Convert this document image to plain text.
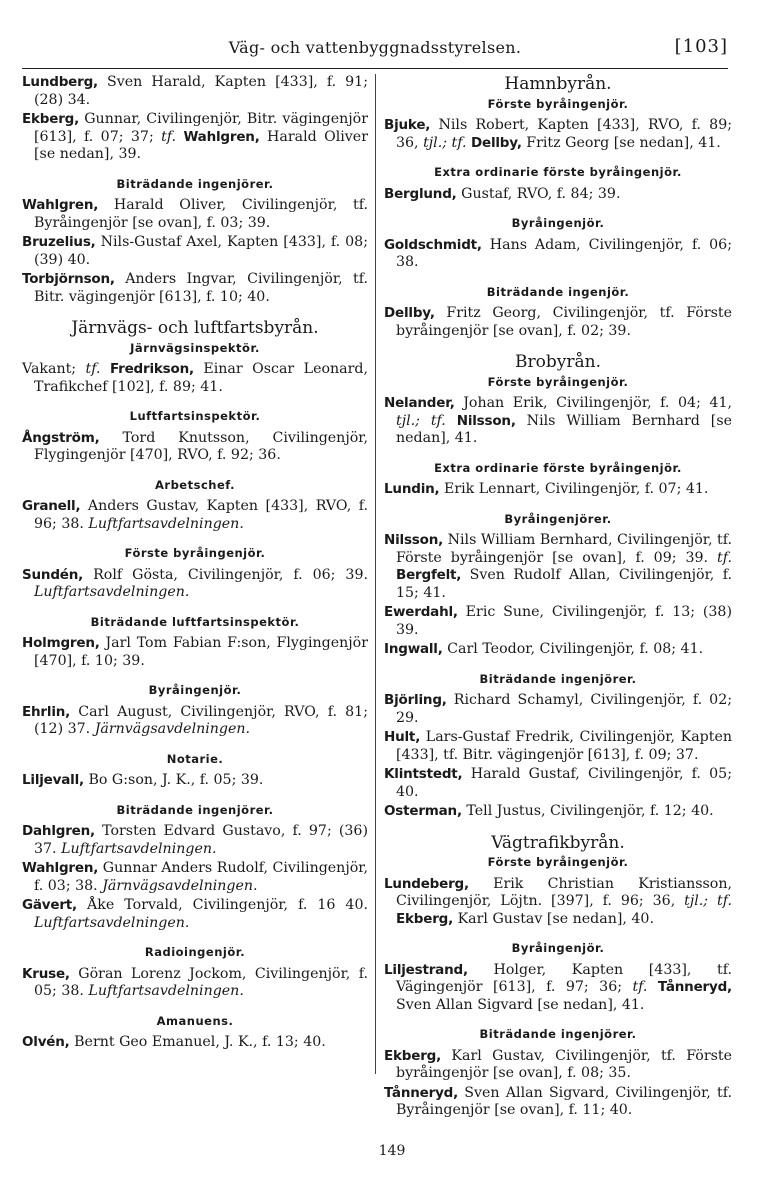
Väg- och vattenbyggnadsstyrelsen.	[103]

Lundberg, Sven Harald, Kapten [433], f. 91; (28) 34.

Ekberg, Gunnar, Civilingenjör, Bitr. vägingenjör [613], f. 07; 37; tf. Wahlgren, Harald Oliver [se nedan], 39.

Biträdande ingenjörer.

Wahlgren, Harald Oliver, Civilingenjör, tf. Byråingenjör [se ovan], f. 03; 39.

Bruzelius, Nils-Gustaf Axel, Kapten [433], f. 08; (39) 40.

Torbjörnson, Anders Ingvar, Civilingenjör, tf. Bitr. vägingenjör [613], f. 10; 40.

Järnvägs- och luftfartsbyrån.
Järnvägsinspektör.

Vakant; tf. Fredrikson, Einar Oscar Leonard, Trafikchef [102], f. 89; 41.

Luftfartsinspektör.

Ångström, Tord Knutsson, Civilingenjör, Flygingenjör [470], RVO, f. 92; 36.

Arbetschef.

Granell, Anders Gustav, Kapten [433], RVO, f. 96; 38. Luftfartsavdelningen.

Förste byråingenjör.

Sundén, Rolf Gösta, Civilingenjör, f. 06; 39. Luftfartsavdelningen.

Biträdande luftfartsinspektör.

Holmgren, Jarl Tom Fabian F:son, Flygingenjör [470], f. 10; 39.

Byråingenjör.

Ehrlin, Carl August, Civilingenjör, RVO, f. 81; (12) 37. Järnvägsavdelningen.

Notarie.

Liljevall, Bo G:son, J. K., f. 05; 39.

Biträdande ingenjörer.

Dahlgren, Torsten Edvard Gustavo, f. 97; (36) 37. Luftfartsavdelningen.

Wahlgren, Gunnar Anders Rudolf, Civilingenjör, f. 03; 38. Järnvägsavdelningen.

Gävert, Åke Torvald, Civilingenjör, f. 16 40. Luftfartsavdelningen.

Radioingenjör.

Kruse, Göran Lorenz Jockom, Civilingenjör, f. 05; 38. Luftfartsavdelningen.

Amanuens.

Olvén, Bernt Geo Emanuel, J. K., f. 13; 40.

Hamnbyrån.
Förste byråingenjör.

Bjuke, Nils Robert, Kapten [433], RVO, f. 89; 36, tjl.; tf. Dellby, Fritz Georg [se nedan], 41.

Extra ordinarie förste byråingenjör.

Berglund, Gustaf, RVO, f. 84; 39.

Byråingenjör.

Goldschmidt, Hans Adam, Civilingenjör, f. 06; 38.

Biträdande ingenjör.

Dellby, Fritz Georg, Civilingenjör, tf. Förste byråingenjör [se ovan], f. 02; 39.

Brobyrån.
Förste byråingenjör.

Nelander, Johan Erik, Civilingenjör, f. 04; 41, tjl.; tf. Nilsson, Nils William Bernhard [se nedan], 41.

Extra ordinarie förste byråingenjör.

Lundin, Erik Lennart, Civilingenjör, f. 07; 41.

Byråingenjörer.

Nilsson, Nils William Bernhard, Civilingenjör, tf. Förste byråingenjör [se ovan], f. 09; 39. tf. Bergfelt, Sven Rudolf Allan, Civilingenjör, f. 15; 41.

Ewerdahl, Eric Sune, Civilingenjör, f. 13; (38) 39.

Ingwall, Carl Teodor, Civilingenjör, f. 08; 41.

Biträdande ingenjörer.

Björling, Richard Schamyl, Civilingenjör, f. 02; 29.

Hult, Lars-Gustaf Fredrik, Civilingenjör, Kapten [433], tf. Bitr. vägingenjör [613], f. 09; 37.

Klintstedt, Harald Gustaf, Civilingenjör, f. 05; 40.

Osterman, Tell Justus, Civilingenjör, f. 12; 40.

Vägtrafikbyrån.
Förste byråingenjör.

Lundeberg, Erik Christian Kristiansson, Civilingenjör, Löjtn. [397], f. 96; 36, tjl.; tf. Ekberg, Karl Gustav [se nedan], 40.

Byråingenjör.

Liljestrand, Holger, Kapten [433], tf. Vägingenjör [613], f. 97; 36; tf. Tånneryd, Sven Allan Sigvard [se nedan], 41.

Biträdande ingenjörer.

Ekberg, Karl Gustav, Civilingenjör, tf. Förste byråingenjör [se ovan], f. 08; 35.

Tånneryd, Sven Allan Sigvard, Civilingenjör, tf. Byråingenjör [se ovan], f. 11; 40.

149
